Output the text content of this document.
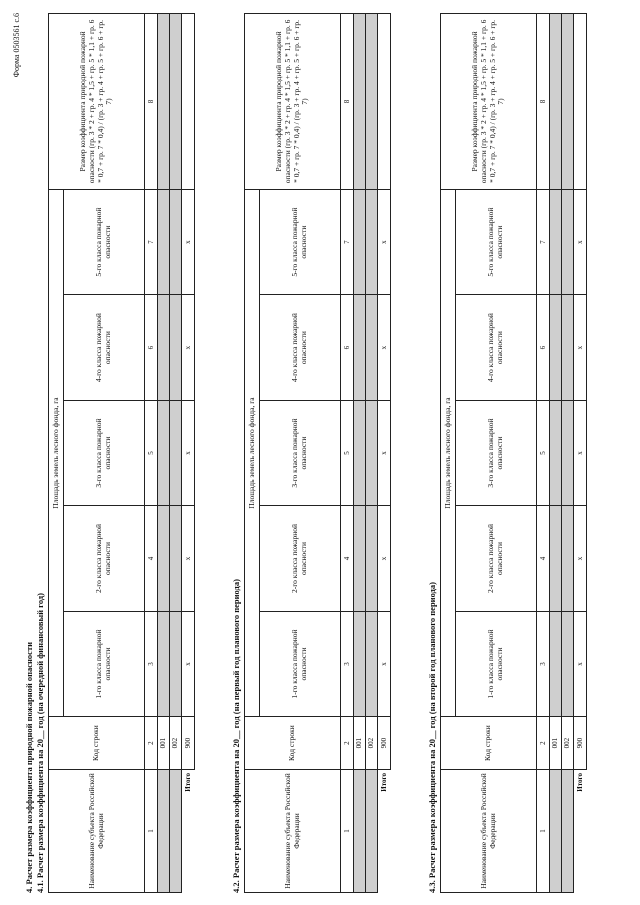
Форма 0503561 с.6
4. Расчет размера коэффициента природной пожарной опасности 4.1. Расчет размера коэффициента на 20__ год (на очередной финансовый год)	Наименование субъекта Российской Федерации	Код строки	Площадь земель лесного фонда, га					Размер коэффициента природной пожарной опасности (гр. 3 * 2 + гр. 4 * 1,5 + гр. 5 * 1,1 + гр. 6 * 0,7 + гр. 7 * 0,4) / (гр. 3 + гр. 4 + гр. 5 + гр. 6 + гр. 7)
		1-го класса пожарной опасности	2-го класса пожарной опасности	3-го класса пожарной опасности	4-го класса пожарной опасности	5-го класса пожарной опасности	
1	2	3	4	5	6	7	8
	001						
	002						
Итого	900	х	х	х	х	х	
4.2. Расчет размера коэффициента на 20__ год (на первый год планового периода)	Наименование субъекта Российской Федерации	Код строки	Площадь земель лесного фонда, га					Размер коэффициента природной пожарной опасности (гр. 3 * 2 + гр. 4 * 1,5 + гр. 5 * 1,1 + гр. 6 * 0,7 + гр. 7 * 0,4) / (гр. 3 + гр. 4 + гр. 5 + гр. 6 + гр. 7)
		1-го класса пожарной опасности	2-го класса пожарной опасности	3-го класса пожарной опасности	4-го класса пожарной опасности	5-го класса пожарной опасности	
1	2	3	4	5	6	7	8
	001						
	002						
Итого	900	х	х	х	х	х	
4.3. Расчет размера коэффициента на 20__ год (на второй год планового периода)	Наименование субъекта Российской Федерации	Код строки	Площадь земель лесного фонда, га					Размер коэффициента природной пожарной опасности (гр. 3 * 2 + гр. 4 * 1,5 + гр. 5 * 1,1 + гр. 6 * 0,7 + гр. 7 * 0,4) / (гр. 3 + гр. 4 + гр. 5 + гр. 6 + гр. 7)
		1-го класса пожарной опасности	2-го класса пожарной опасности	3-го класса пожарной опасности	4-го класса пожарной опасности	5-го класса пожарной опасности	
1	2	3	4	5	6	7	8
	001						
	002						
Итого	900	х	х	х	х	х	
